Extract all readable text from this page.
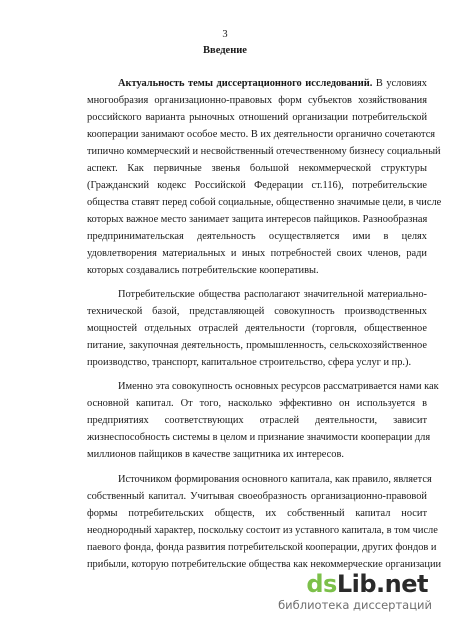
3
Введение
Актуальность темы диссертационного исследований. В условиях
многообразия организационно-правовых форм субъектов хозяйствования
российского варианта рыночных отношений организации потребительской
кооперации занимают особое место. В их деятельности органично сочетаются
типично коммерческий и несвойственный отечественному бизнесу социальный
аспект. Как первичные звенья большой некоммерческой структуры
(Гражданский кодекс Российской Федерации ст.116), потребительские
общества ставят перед собой социальные, общественно значимые цели, в числе
которых важное место занимает защита интересов пайщиков. Разнообразная
предпринимательская деятельность осуществляется ими в целях
удовлетворения материальных и иных потребностей своих членов, ради
которых создавались потребительские кооперативы.
Потребительские общества располагают значительной материально-
технической базой, представляющей совокупность производственных
мощностей отдельных отраслей деятельности (торговля, общественное
питание, закупочная деятельность, промышленность, сельскохозяйственное
производство, транспорт, капитальное строительство, сфера услуг и пр.).
Именно эта совокупность основных ресурсов рассматривается нами как
основной капитал. От того, насколько эффективно он используется в
предприятиях соответствующих отраслей деятельности, зависит
жизнеспособность системы в целом и признание значимости кооперации для
миллионов пайщиков в качестве защитника их интересов.
Источником формирования основного капитала, как правило, является
собственный капитал. Учитывая своеобразность организационно-правовой
формы потребительских обществ, их собственный капитал носит
неоднородный характер, поскольку состоит из уставного капитала, в том числе
паевого фонда, фонда развития потребительской кооперации, других фондов и
прибыли, которую потребительские общества как некоммерческие организации
dsLib.net
библиотека диссертаций
